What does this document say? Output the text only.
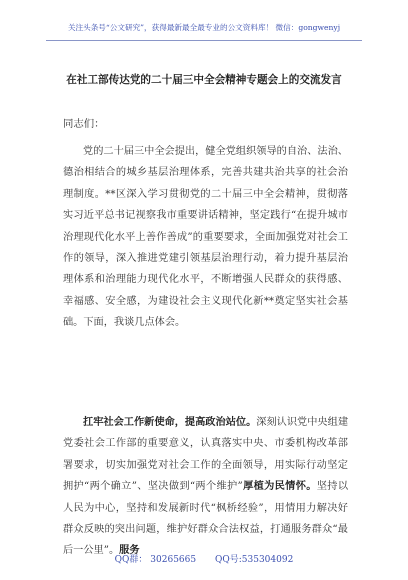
关注头条号“公文研究”，获得最新最全最专业的公文资料库！ 微信：gongwenyj
在社工部传达党的二十届三中全会精神专题会上的交流发言
同志们：
党的二十届三中全会提出，健全党组织领导的自治、法治、德治相结合的城乡基层治理体系，完善共建共治共享的社会治理制度。**区深入学习贯彻党的二十届三中全会精神，贯彻落实习近平总书记视察我市重要讲话精神，坚定践行“在提升城市治理现代化水平上善作善成”的重要要求，全面加强党对社会工作的领导，深入推进党建引领基层治理行动，着力提升基层治理体系和治理能力现代化水平，不断增强人民群众的获得感、幸福感、安全感，为建设社会主义现代化新**奠定坚实社会基础。下面，我谈几点体会。
扛牢社会工作新使命，提高政治站位。深刻认识党中央组建党委社会工作部的重要意义，认真落实中央、市委机构改革部署要求，切实加强党对社会工作的全面领导，用实际行动坚定拥护“两个确立”、坚决做到“两个维护”厚植为民情怀。坚持以人民为中心，坚持和发展新时代“枫桥经验”，用情用力解决好群众反映的突出问题，维护好群众合法权益，打通服务群众“最后一公里”。服务
QQ群： 30265665 QQ号:535304092
